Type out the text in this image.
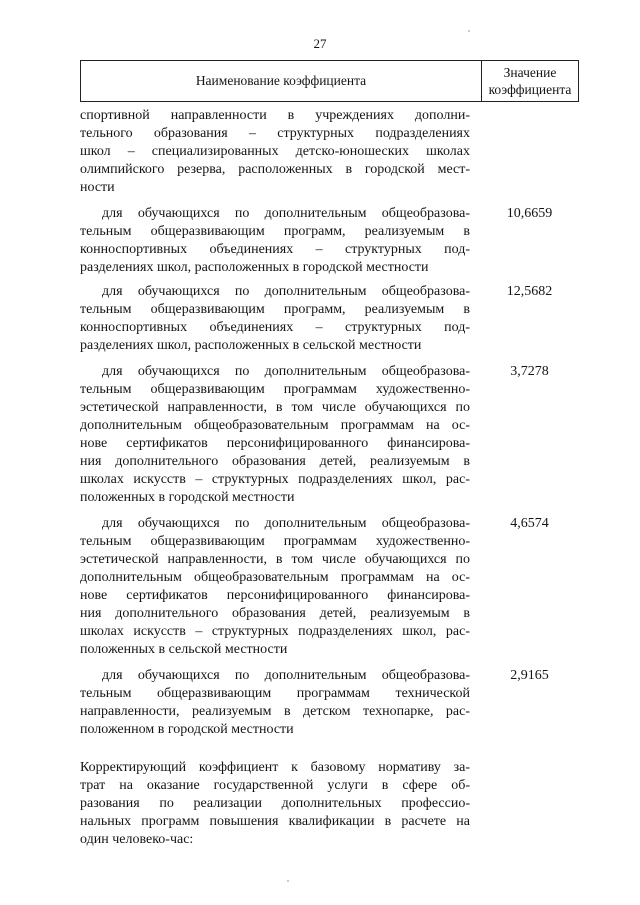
27
Наименование коэффициента
Значение
коэффициента
спортивной направленности в учреждениях дополни-
тельного образования – структурных подразделениях
школ – специализированных детско-юношеских школах
олимпийского резерва, расположенных в городской мест-
ности
для обучающихся по дополнительным общеобразова-
тельным общеразвивающим программ, реализуемым в
конноспортивных объединениях – структурных под-
разделениях школ, расположенных в городской местности
10,6659
для обучающихся по дополнительным общеобразова-
тельным общеразвивающим программ, реализуемым в
конноспортивных объединениях – структурных под-
разделениях школ, расположенных в сельской местности
12,5682
для обучающихся по дополнительным общеобразова-
тельным общеразвивающим программам художественно-
эстетической направленности, в том числе обучающихся по
дополнительным общеобразовательным программам на ос-
нове сертификатов персонифицированного финансирова-
ния дополнительного образования детей, реализуемым в
школах искусств – структурных подразделениях школ, рас-
положенных в городской местности
3,7278
для обучающихся по дополнительным общеобразова-
тельным общеразвивающим программам художественно-
эстетической направленности, в том числе обучающихся по
дополнительным общеобразовательным программам на ос-
нове сертификатов персонифицированного финансирова-
ния дополнительного образования детей, реализуемым в
школах искусств – структурных подразделениях школ, рас-
положенных в сельской местности
4,6574
для обучающихся по дополнительным общеобразова-
тельным общеразвивающим программам технической
направленности, реализуемым в детском технопарке, рас-
положенном в городской местности
2,9165
Корректирующий коэффициент к базовому нормативу за-
трат на оказание государственной услуги в сфере об-
разования по реализации дополнительных профессио-
нальных программ повышения квалификации в расчете на
один человеко-час:
